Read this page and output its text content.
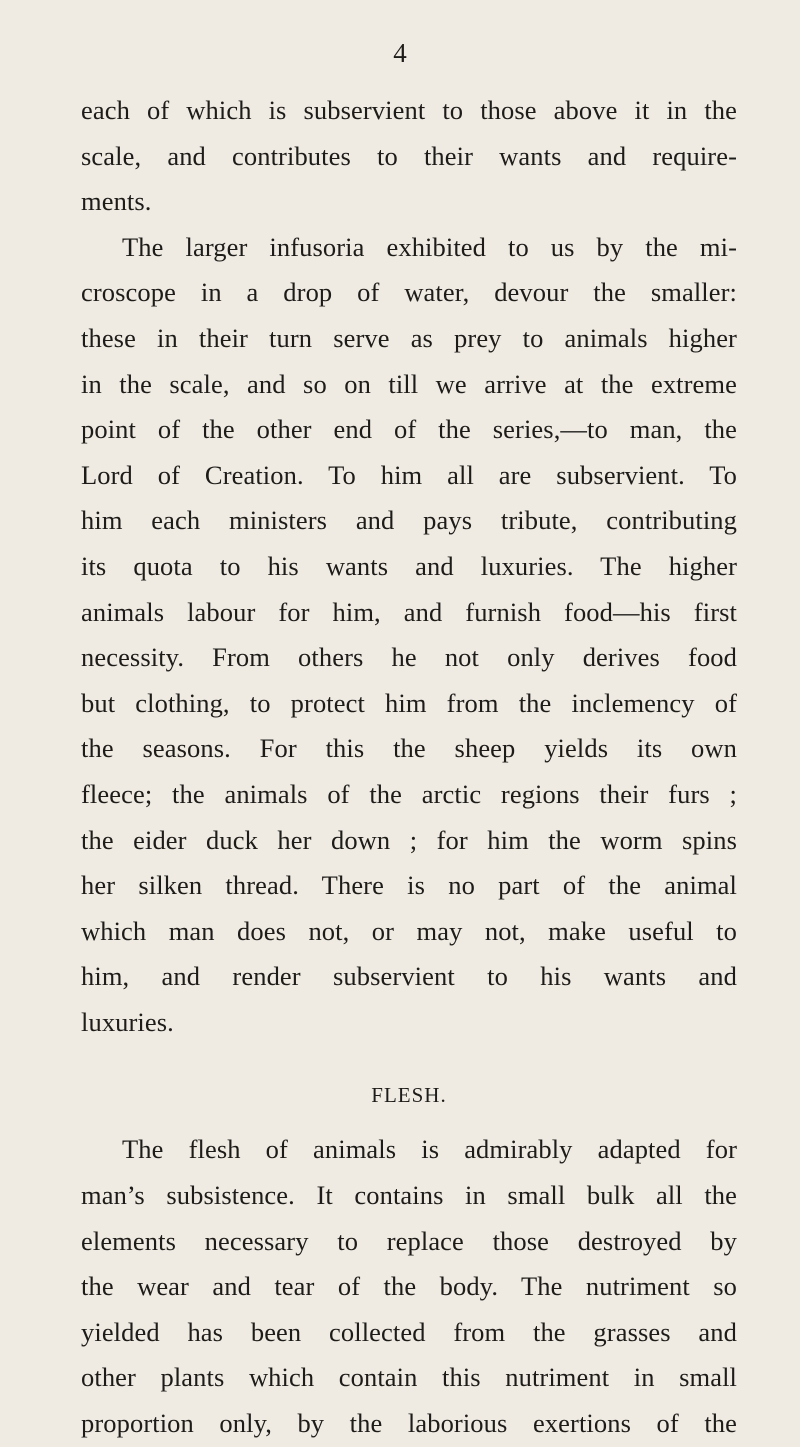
4
each of which is subservient to those above it in the
scale, and contributes to their wants and require-
ments.
The larger infusoria exhibited to us by the mi-
croscope in a drop of water, devour the smaller:
these in their turn serve as prey to animals higher
in the scale, and so on till we arrive at the extreme
point of the other end of the series,—to man, the
Lord of Creation. To him all are subservient. To
him each ministers and pays tribute, contributing
its quota to his wants and luxuries. The higher
animals labour for him, and furnish food—his first
necessity. From others he not only derives food
but clothing, to protect him from the inclemency of
the seasons. For this the sheep yields its own
fleece; the animals of the arctic regions their furs ;
the eider duck her down ; for him the worm spins
her silken thread. There is no part of the animal
which man does not, or may not, make useful to
him, and render subservient to his wants and
luxuries.
FLESH.
The flesh of animals is admirably adapted for
man’s subsistence. It contains in small bulk all the
elements necessary to replace those destroyed by
the wear and tear of the body. The nutriment so
yielded has been collected from the grasses and
other plants which contain this nutriment in small
proportion only, by the laborious exertions of the
